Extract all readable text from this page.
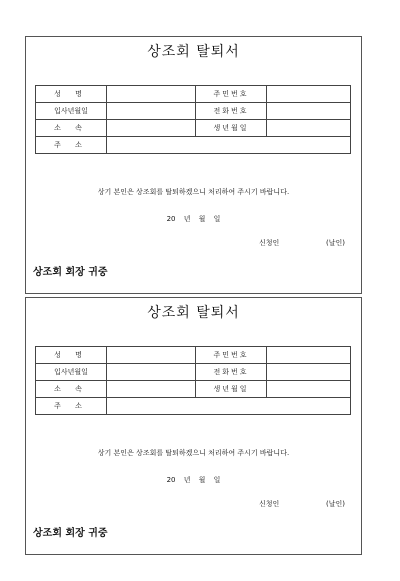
상조회 탈퇴서
성 명		주민번호	
입사년월일		전화번호	
소 속		생년월일	
주 소			
상기 본인은 상조회를 탈퇴하겠으니 처리하여 주시기 바랍니다.
20 년 월 일
신청인	(날인)
상조회 회장 귀중
상조회 탈퇴서
성 명		주민번호	
입사년월일		전화번호	
소 속		생년월일	
주 소			
상기 본인은 상조회를 탈퇴하겠으니 처리하여 주시기 바랍니다.
20 년 월 일
신청인	(날인)
상조회 회장 귀중
